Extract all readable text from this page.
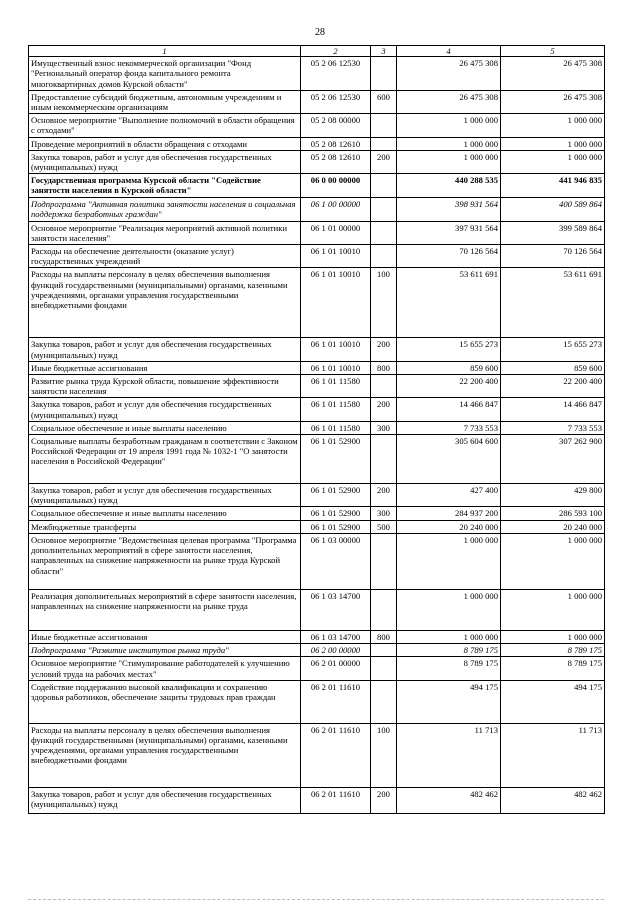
28
1	2	3	4	5
Имущественный взнос некоммерческой организации "Фонд "Региональный оператор фонда капитального ремонта многоквартирных домов Курской области"	05 2 06 12530		26 475 308	26 475 308
Предоставление субсидий бюджетным, автономным учреждениям и иным некоммерческим организациям	05 2 06 12530	600	26 475 308	26 475 308
Основное мероприятие "Выполнение полномочий в области обращения с отходами"	05 2 08 00000		1 000 000	1 000 000
Проведение мероприятий в области обращения с отходами	05 2 08 12610		1 000 000	1 000 000
Закупка товаров, работ и услуг для обеспечения государственных (муниципальных) нужд	05 2 08 12610	200	1 000 000	1 000 000
Государственная программа Курской области "Содействие занятости населения в Курской области"	06 0 00 00000		440 288 535	441 946 835
Подпрограмма "Активная политика занятости населения и социальная поддержка безработных граждан"	06 1 00 00000		398 931 564	400 589 864
Основное мероприятие "Реализация мероприятий активной политики занятости населения"	06 1 01 00000		397 931 564	399 589 864
Расходы на обеспечение деятельности (оказание услуг) государственных учреждений	06 1 01 10010		70 126 564	70 126 564
Расходы на выплаты персоналу в целях обеспечения выполнения функций государственными (муниципальными) органами, казенными учреждениями, органами управления государственными внебюджетными фондами	06 1 01 10010	100	53 611 691	53 611 691
Закупка товаров, работ и услуг для обеспечения государственных (муниципальных) нужд	06 1 01 10010	200	15 655 273	15 655 273
Иные бюджетные ассигнования	06 1 01 10010	800	859 600	859 600
Развитие рынка труда Курской области, повышение эффективности занятости населения	06 1 01 11580		22 200 400	22 200 400
Закупка товаров, работ и услуг для обеспечения государственных (муниципальных) нужд	06 1 01 11580	200	14 466 847	14 466 847
Социальное обеспечение и иные выплаты населению	06 1 01 11580	300	7 733 553	7 733 553
Социальные выплаты безработным гражданам в соответствии с Законом Российской Федерации от 19 апреля 1991 года № 1032-1 "О занятости населения в Российской Федерации"	06 1 01 52900		305 604 600	307 262 900
Закупка товаров, работ и услуг для обеспечения государственных (муниципальных) нужд	06 1 01 52900	200	427 400	429 800
Социальное обеспечение и иные выплаты населению	06 1 01 52900	300	284 937 200	286 593 100
Межбюджетные трансферты	06 1 01 52900	500	20 240 000	20 240 000
Основное мероприятие "Ведомственная целевая программа "Программа дополнительных мероприятий в сфере занятости населения, направленных на снижение напряженности на рынке труда Курской области"	06 1 03 00000		1 000 000	1 000 000
Реализация дополнительных мероприятий в сфере занятости населения, направленных на снижение напряженности на рынке труда	06 1 03 14700		1 000 000	1 000 000
Иные бюджетные ассигнования	06 1 03 14700	800	1 000 000	1 000 000
Подпрограмма "Развитие институтов рынка труда"	06 2 00 00000		8 789 175	8 789 175
Основное мероприятие "Стимулирование работодателей к улучшению условий труда на рабочих местах"	06 2 01 00000		8 789 175	8 789 175
Содействие поддержанию высокой квалификации и сохранению здоровья работников, обеспечение защиты трудовых прав граждан	06 2 01 11610		494 175	494 175
Расходы на выплаты персоналу в целях обеспечения выполнения функций государственными (муниципальными) органами, казенными учреждениями, органами управления государственными внебюджетными фондами	06 2 01 11610	100	11 713	11 713
Закупка товаров, работ и услуг для обеспечения государственных (муниципальных) нужд	06 2 01 11610	200	482 462	482 462
